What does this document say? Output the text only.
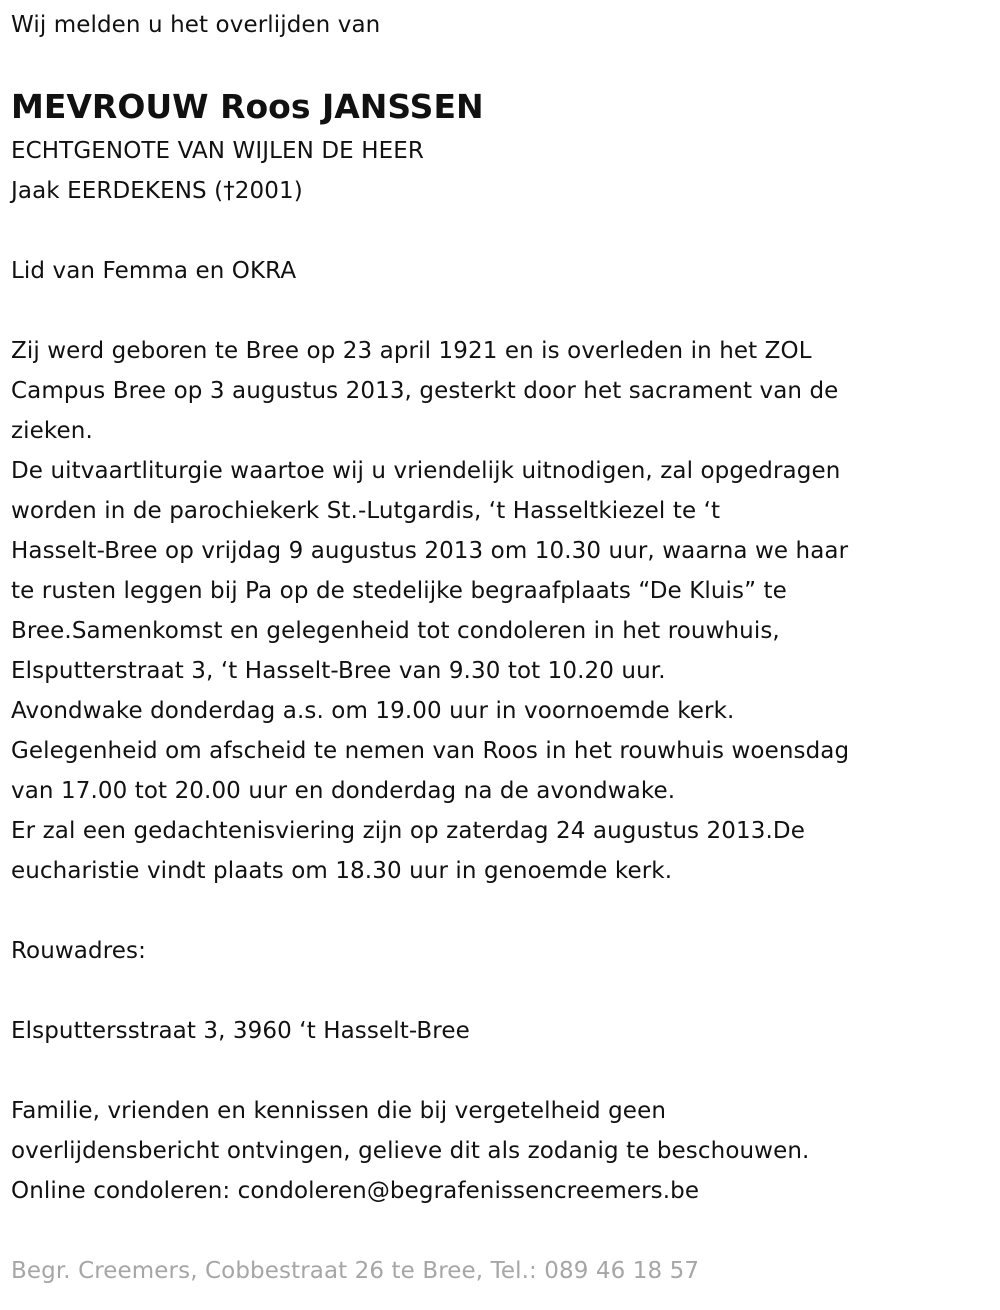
Wij melden u het overlijden van
MEVROUW Roos JANSSEN
ECHTGENOTE VAN WIJLEN DE HEER
Jaak EERDEKENS (†2001)
Lid van Femma en OKRA
Zij werd geboren te Bree op 23 april 1921 en is overleden in het ZOL
Campus Bree op 3 augustus 2013, gesterkt door het sacrament van de
zieken.
De uitvaartliturgie waartoe wij u vriendelijk uitnodigen, zal opgedragen
worden in de parochiekerk St.-Lutgardis, ‘t Hasseltkiezel te ‘t
Hasselt-Bree op vrijdag 9 augustus 2013 om 10.30 uur, waarna we haar
te rusten leggen bij Pa op de stedelijke begraafplaats “De Kluis” te
Bree.Samenkomst en gelegenheid tot condoleren in het rouwhuis,
Elsputterstraat 3, ‘t Hasselt-Bree van 9.30 tot 10.20 uur.
Avondwake donderdag a.s. om 19.00 uur in voornoemde kerk.
Gelegenheid om afscheid te nemen van Roos in het rouwhuis woensdag
van 17.00 tot 20.00 uur en donderdag na de avondwake.
Er zal een gedachtenisviering zijn op zaterdag 24 augustus 2013.De
eucharistie vindt plaats om 18.30 uur in genoemde kerk.
Rouwadres:
Elsputtersstraat 3, 3960 ‘t Hasselt-Bree
Familie, vrienden en kennissen die bij vergetelheid geen
overlijdensbericht ontvingen, gelieve dit als zodanig te beschouwen.
Online condoleren: condoleren@begrafenissencreemers.be
Begr. Creemers, Cobbestraat 26 te Bree, Tel.: 089 46 18 57
